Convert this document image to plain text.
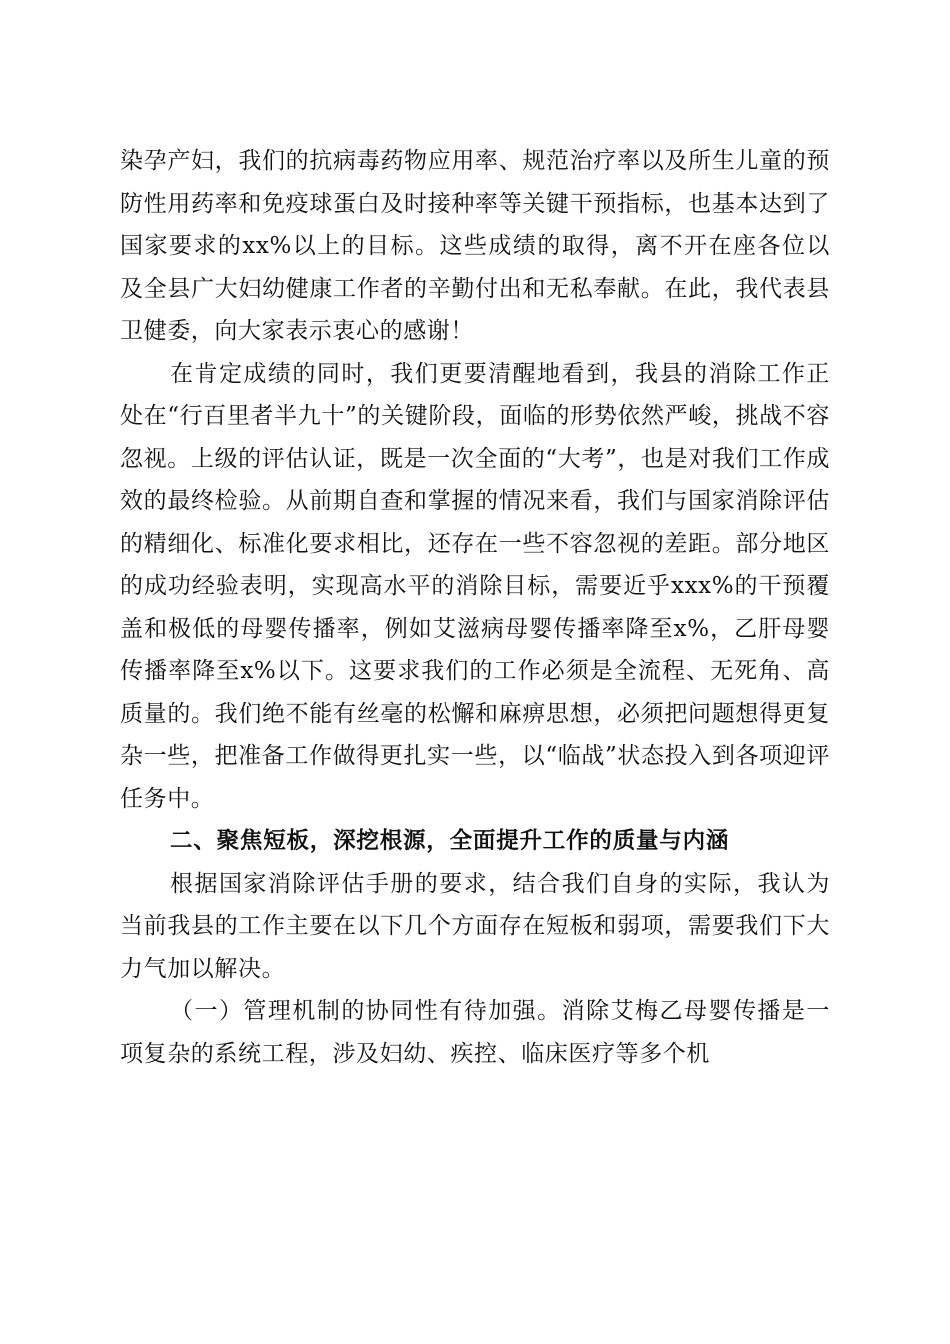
染孕产妇，我们的抗病毒药物应用率、规范治疗率以及所生儿童的预防性用药率和免疫球蛋白及时接种率等关键干预指标，也基本达到了国家要求的xx%以上的目标。这些成绩的取得，离不开在座各位以及全县广大妇幼健康工作者的辛勤付出和无私奉献。在此，我代表县卫健委，向大家表示衷心的感谢！

在肯定成绩的同时，我们更要清醒地看到，我县的消除工作正处在“行百里者半九十”的关键阶段，面临的形势依然严峻，挑战不容忽视。上级的评估认证，既是一次全面的“大考”，也是对我们工作成效的最终检验。从前期自查和掌握的情况来看，我们与国家消除评估的精细化、标准化要求相比，还存在一些不容忽视的差距。部分地区的成功经验表明，实现高水平的消除目标，需要近乎xxx%的干预覆盖和极低的母婴传播率，例如艾滋病母婴传播率降至x%，乙肝母婴传播率降至x%以下。这要求我们的工作必须是全流程、无死角、高质量的。我们绝不能有丝毫的松懈和麻痹思想，必须把问题想得更复杂一些，把准备工作做得更扎实一些，以“临战”状态投入到各项迎评任务中。

二、聚焦短板，深挖根源，全面提升工作的质量与内涵

根据国家消除评估手册的要求，结合我们自身的实际，我认为当前我县的工作主要在以下几个方面存在短板和弱项，需要我们下大力气加以解决。

（一）管理机制的协同性有待加强。消除艾梅乙母婴传播是一项复杂的系统工程，涉及妇幼、疾控、临床医疗等多个机
